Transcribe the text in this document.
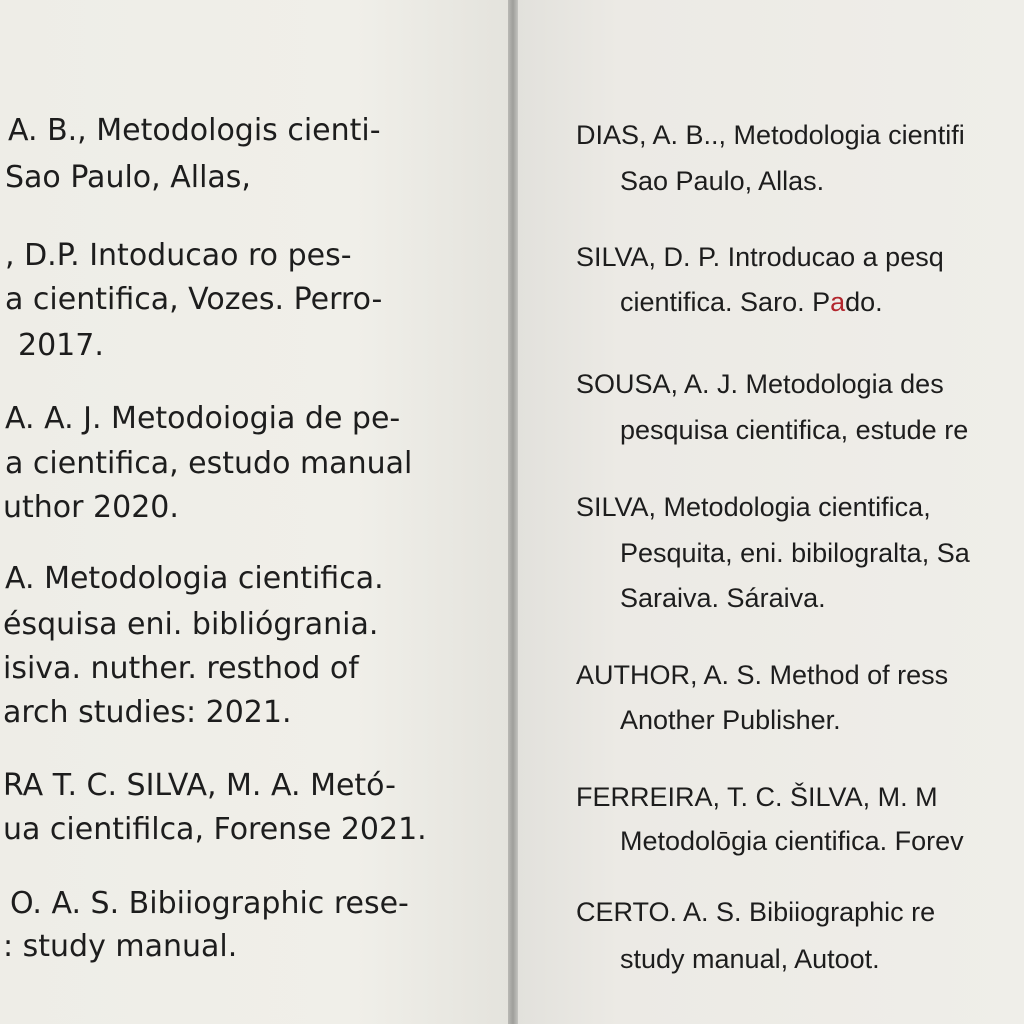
A. B., Metodologis cienti-
Sao Paulo, Allas,
, D.P. Intoducao ro pes-
a cientifica, Vozes. Perro-
2017.
A. A. J. Metodoiogia de pe-
a cientifica, estudo manual
uthor 2020.
A. Metodologia cientifica.
ésquisa eni. bibliógrania.
isiva. nuther. resthod of
arch studies: 2021.
RA T. C. SILVA, M. A. Metó-
ua cientifilca, Forense 2021.
O. A. S. Bibiiographic rese-
: study manual.
DIAS, A. B.., Metodologia cientifi
Sao Paulo, Allas.
SILVA, D. P. Introducao a pesq
cientifica. Saro. Pado.
SOUSA, A. J. Metodologia des
pesquisa cientifica, estude re
SILVA, Metodologia cientifica,
Pesquita, eni. bibilogralta, Sa
Saraiva. Sáraiva.
AUTHOR, A. S. Method of ress
Another Publisher.
FERREIRA, T. C. ŠILVA, M. M
Metodolōgia cientifica. Forev
CERTO. A. S. Bibiiographic re
study manual, Autoot.
